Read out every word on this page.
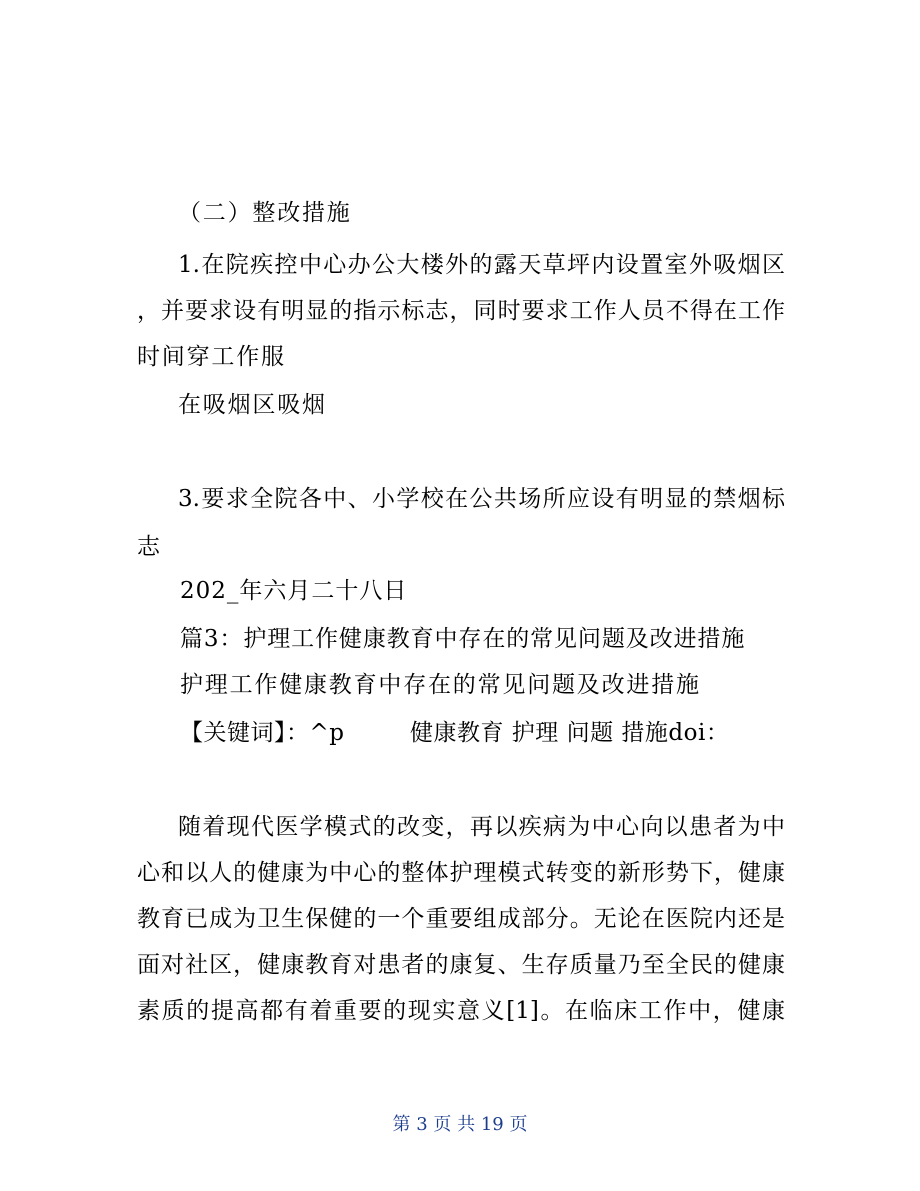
（二）整改措施
1.在院疾控中心办公大楼外的露天草坪内设置室外吸烟区
，并要求设有明显的指示标志，同时要求工作人员不得在工作
时间穿工作服
在吸烟区吸烟
3.要求全院各中、小学校在公共场所应设有明显的禁烟标
志
202_年六月二十八日
篇3：护理工作健康教育中存在的常见问题及改进措施
护理工作健康教育中存在的常见问题及改进措施
【关键词】：^p	健康教育 护理 问题 措施doi：
随着现代医学模式的改变，再以疾病为中心向以患者为中
心和以人的健康为中心的整体护理模式转变的新形势下，健康
教育已成为卫生保健的一个重要组成部分。无论在医院内还是
面对社区，健康教育对患者的康复、生存质量乃至全民的健康
素质的提高都有着重要的现实意义[1]。在临床工作中，健康
第 3 页 共 19 页
